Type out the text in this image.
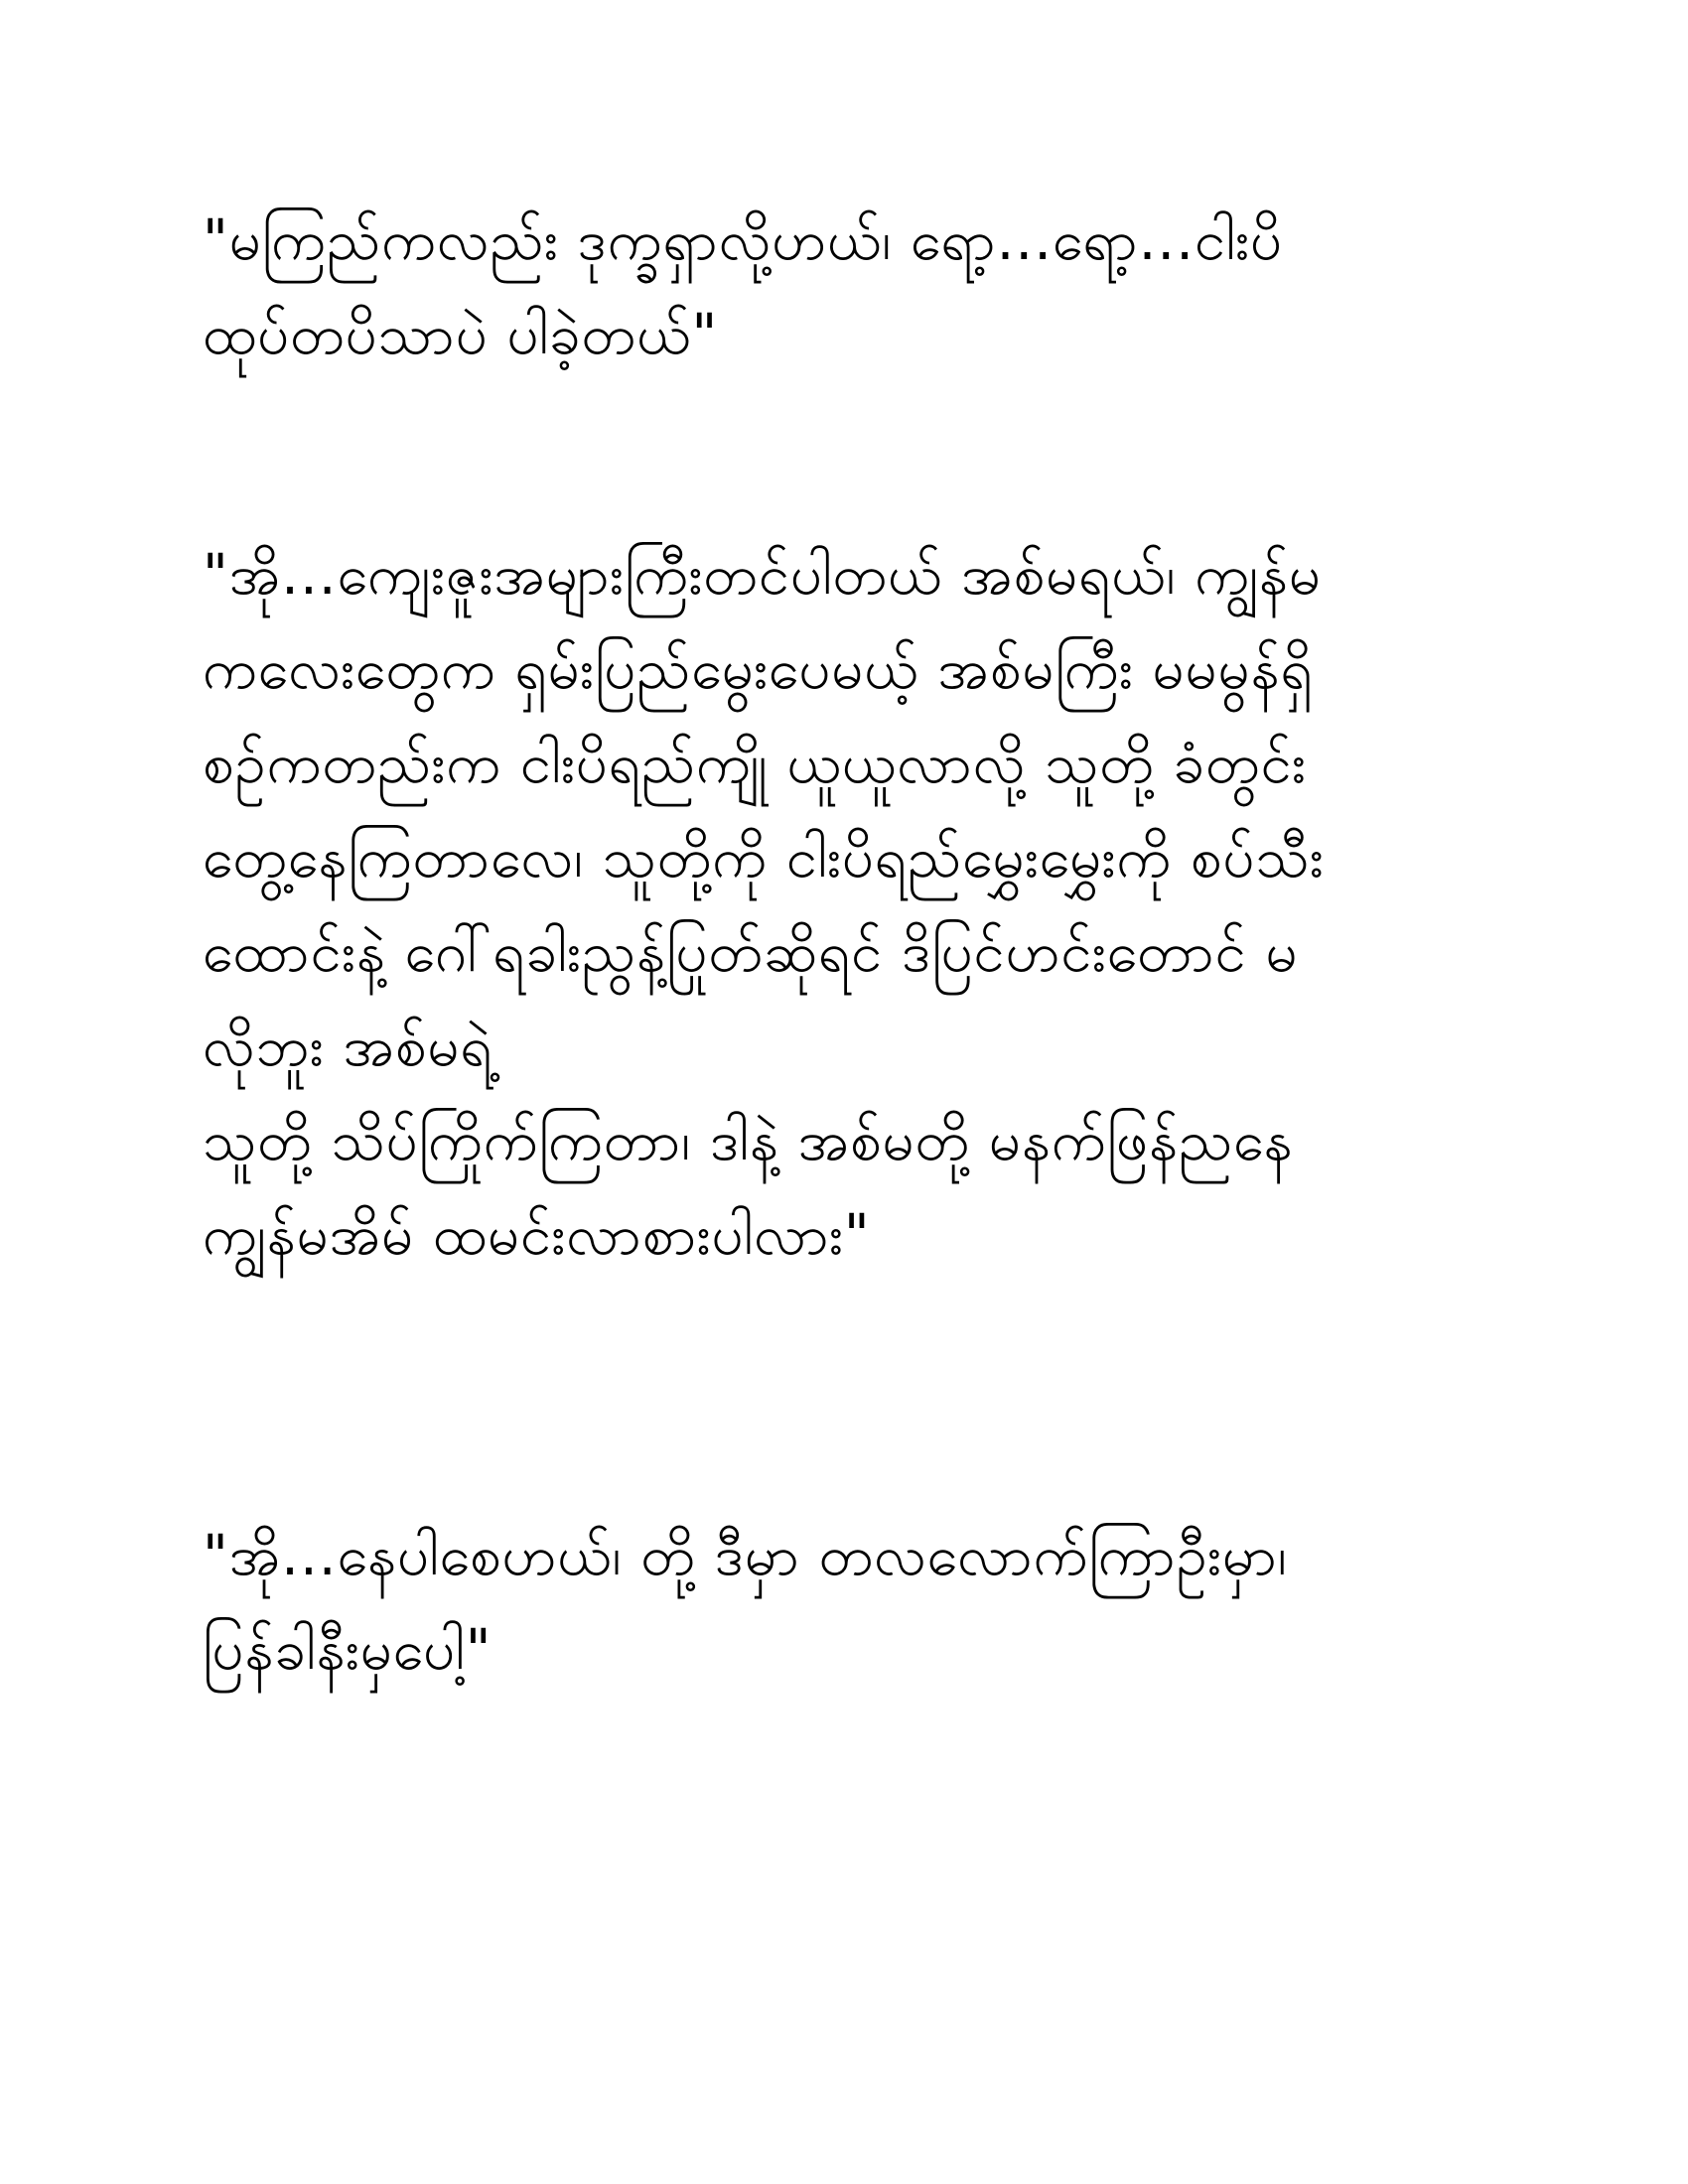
"မကြည်ကလည်း ဒုက္ခရှာလို့ဟယ်၊ ရော့...ရော့...ငါးပိ
ထုပ်တပိသာပဲ ပါခဲ့တယ်"
"အို...ကျေးဇူးအများကြီးတင်ပါတယ် အစ်မရယ်၊ ကျွန်မ
ကလေးတွေက ရှမ်းပြည်မွေးပေမယ့် အစ်မကြီး မမမွန်ရှိ
စဉ်ကတည်းက ငါးပိရည်ကျို ယူယူလာလို့ သူတို့ ခံတွင်း
တွေ့နေကြတာလေ၊ သူတို့ကို ငါးပိရည်မွှေးမွှေးကို စပ်သီး
ထောင်းနဲ့ ဂေါ်ရခါးညွန့်ပြုတ်ဆိုရင် ဒိပြင်ဟင်းတောင် မ
လိုဘူး အစ်မရဲ့
သူတို့ သိပ်ကြိုက်ကြတာ၊ ဒါနဲ့ အစ်မတို့ မနက်ဖြန်ညနေ
ကျွန်မအိမ် ထမင်းလာစားပါလား"
"အို...နေပါစေဟယ်၊ တို့ ဒီမှာ တလလောက်ကြာဦးမှာ၊
ပြန်ခါနီးမှပေါ့"
